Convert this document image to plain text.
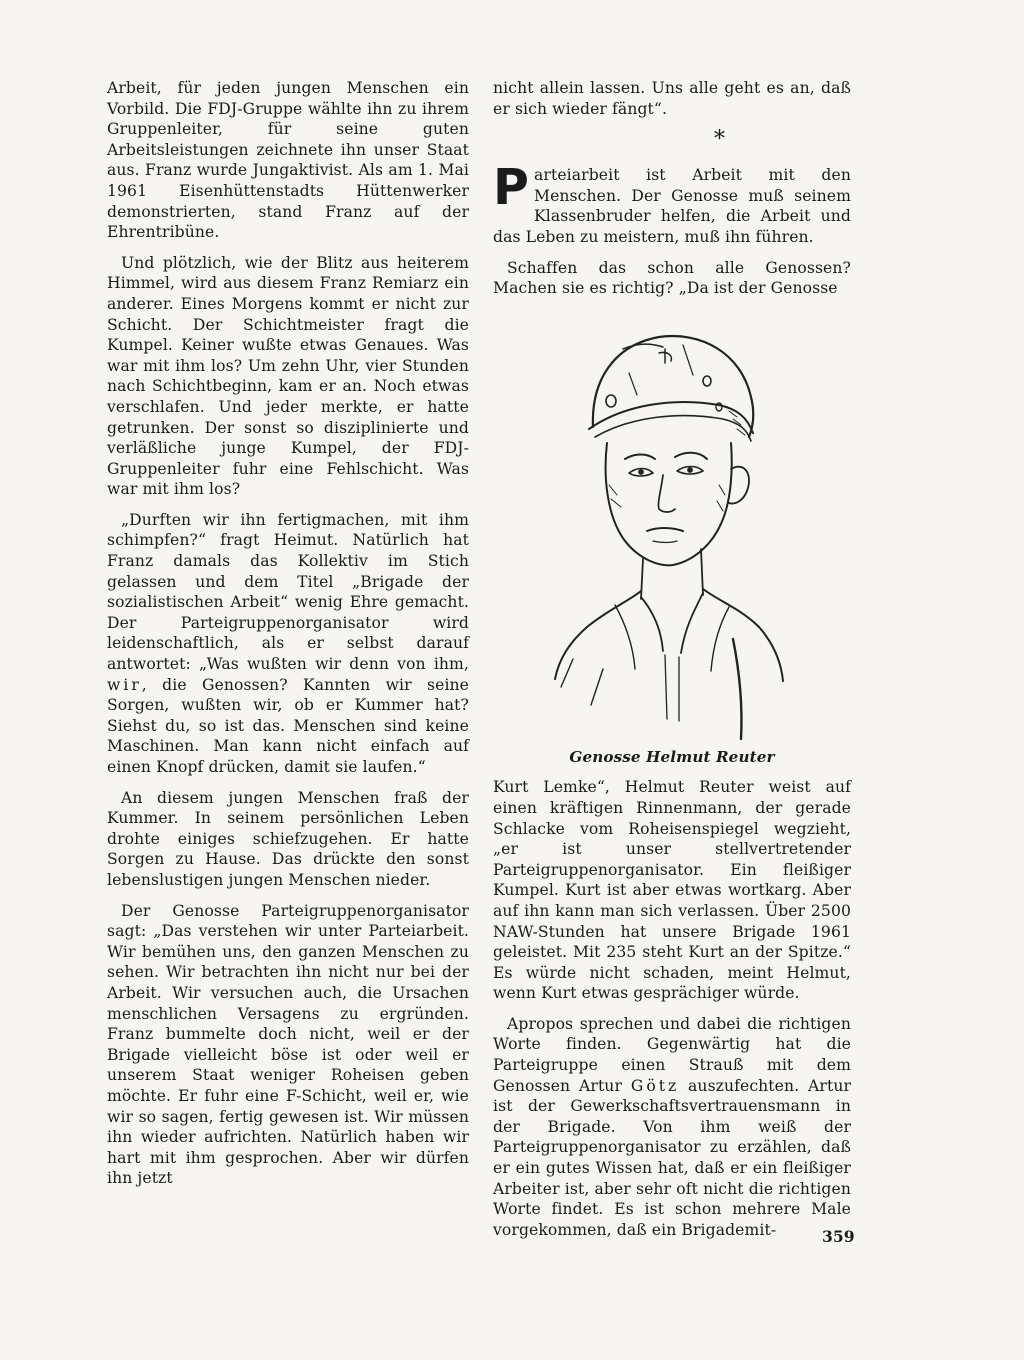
Arbeit, für jeden jungen Menschen ein Vorbild. Die FDJ-Gruppe wählte ihn zu ihrem Gruppenleiter, für seine guten Arbeitsleistungen zeichnete ihn unser Staat aus. Franz wurde Jungaktivist. Als am 1. Mai 1961 Eisenhüttenstadts Hüttenwerker demonstrierten, stand Franz auf der Ehrentribüne.

Und plötzlich, wie der Blitz aus heiterem Himmel, wird aus diesem Franz Remiarz ein anderer. Eines Morgens kommt er nicht zur Schicht. Der Schichtmeister fragt die Kumpel. Keiner wußte etwas Genaues. Was war mit ihm los? Um zehn Uhr, vier Stunden nach Schichtbeginn, kam er an. Noch etwas verschlafen. Und jeder merkte, er hatte getrunken. Der sonst so disziplinierte und verläßliche junge Kumpel, der FDJ-Gruppenleiter fuhr eine Fehlschicht. Was war mit ihm los?

„Durften wir ihn fertigmachen, mit ihm schimpfen?“ fragt Heimut. Natürlich hat Franz damals das Kollektiv im Stich gelassen und dem Titel „Brigade der sozialistischen Arbeit“ wenig Ehre gemacht. Der Parteigruppenorganisator wird leidenschaftlich, als er selbst darauf antwortet: „Was wußten wir denn von ihm, wir, die Genossen? Kannten wir seine Sorgen, wußten wir, ob er Kummer hat? Siehst du, so ist das. Menschen sind keine Maschinen. Man kann nicht einfach auf einen Knopf drücken, damit sie laufen.“

An diesem jungen Menschen fraß der Kummer. In seinem persönlichen Leben drohte einiges schiefzugehen. Er hatte Sorgen zu Hause. Das drückte den sonst lebenslustigen jungen Menschen nieder.

Der Genosse Parteigruppenorganisator sagt: „Das verstehen wir unter Parteiarbeit. Wir bemühen uns, den ganzen Menschen zu sehen. Wir betrachten ihn nicht nur bei der Arbeit. Wir versuchen auch, die Ursachen menschlichen Versagens zu ergründen. Franz bummelte doch nicht, weil er der Brigade vielleicht böse ist oder weil er unserem Staat weniger Roheisen geben möchte. Er fuhr eine F-Schicht, weil er, wie wir so sagen, fertig gewesen ist. Wir müssen ihn wieder aufrichten. Natürlich haben wir hart mit ihm gesprochen. Aber wir dürfen ihn jetzt

nicht allein lassen. Uns alle geht es an, daß er sich wieder fängt“.

*

Parteiarbeit ist Arbeit mit den Menschen. Der Genosse muß seinem Klassenbruder helfen, die Arbeit und das Leben zu meistern, muß ihn führen.

Schaffen das schon alle Genossen? Machen sie es richtig? „Da ist der Genosse

Genosse Helmut Reuter

Kurt Lemke“, Helmut Reuter weist auf einen kräftigen Rinnenmann, der gerade Schlacke vom Roheisenspiegel wegzieht, „er ist unser stellvertretender Parteigruppenorganisator. Ein fleißiger Kumpel. Kurt ist aber etwas wortkarg. Aber auf ihn kann man sich verlassen. Über 2500 NAW-Stunden hat unsere Brigade 1961 geleistet. Mit 235 steht Kurt an der Spitze.“ Es würde nicht schaden, meint Helmut, wenn Kurt etwas gesprächiger würde.

Apropos sprechen und dabei die richtigen Worte finden. Gegenwärtig hat die Parteigruppe einen Strauß mit dem Genossen Artur Götz auszufechten. Artur ist der Gewerkschaftsvertrauensmann in der Brigade. Von ihm weiß der Parteigruppenorganisator zu erzählen, daß er ein gutes Wissen hat, daß er ein fleißiger Arbeiter ist, aber sehr oft nicht die richtigen Worte findet. Es ist schon mehrere Male vorgekommen, daß ein Brigademit-	359
